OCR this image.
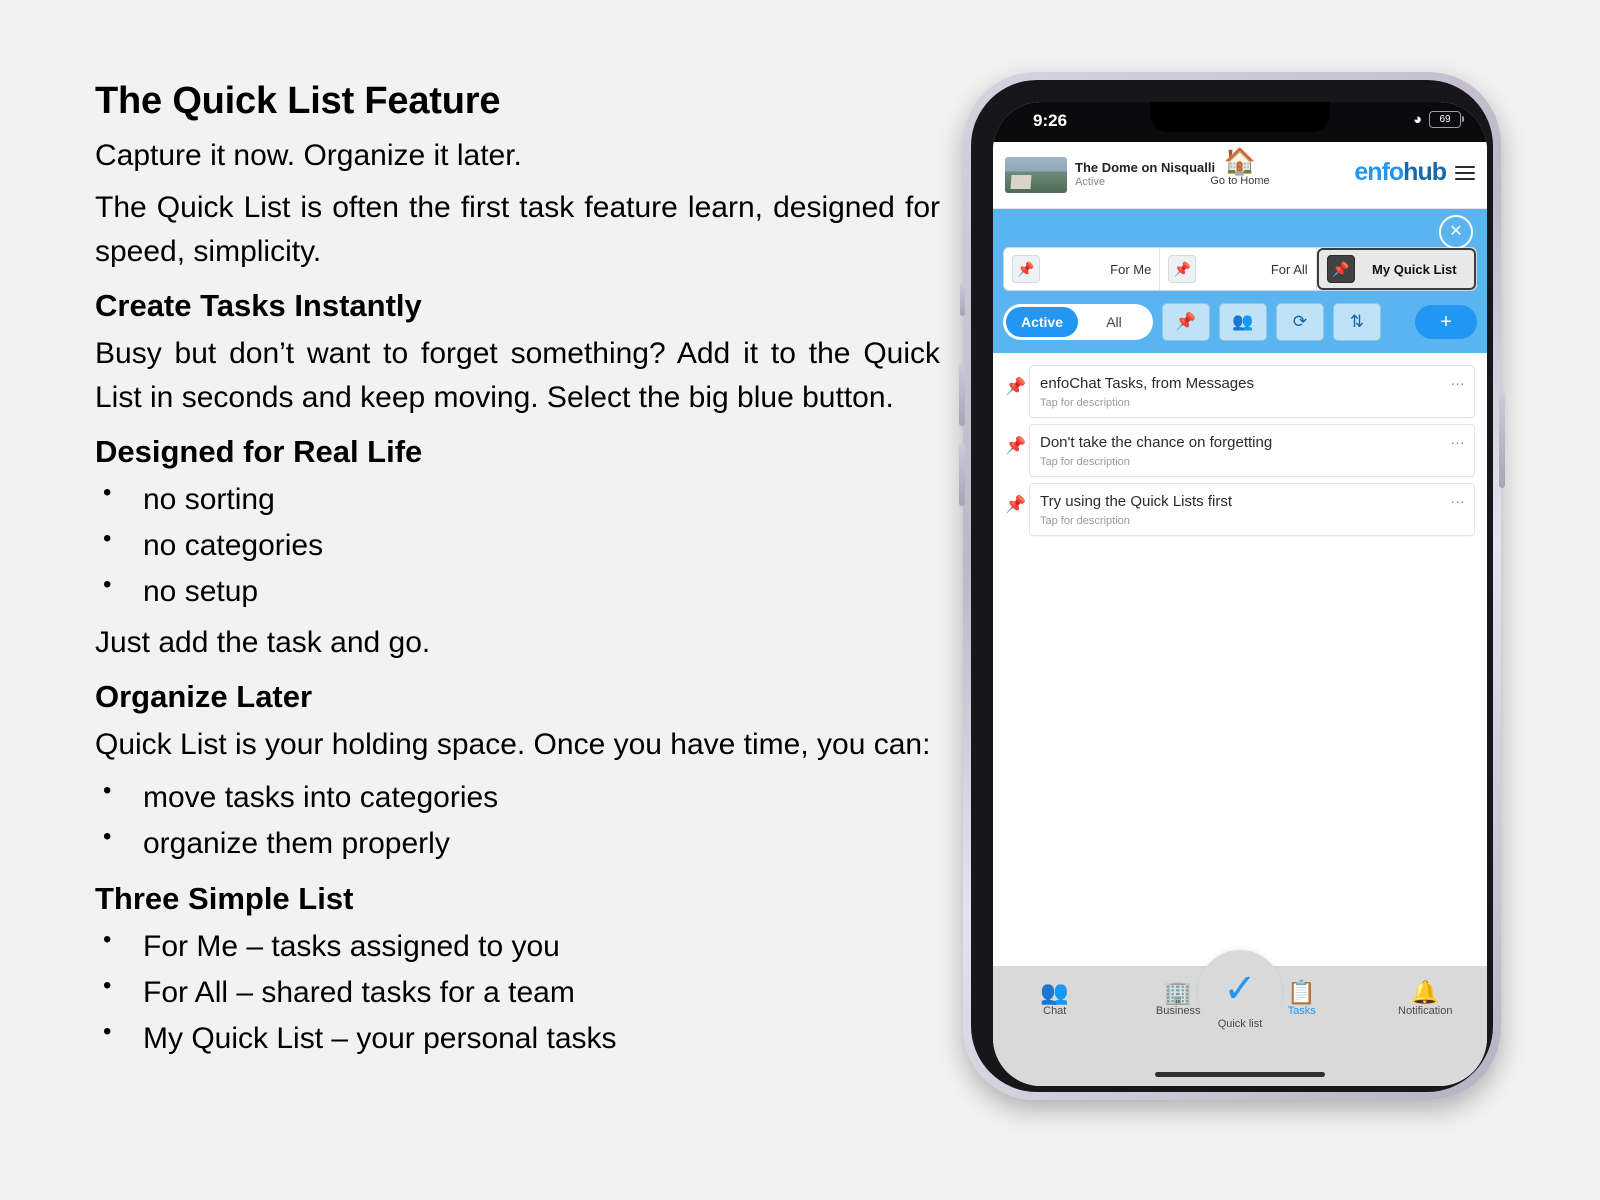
The Quick List Feature

Capture it now. Organize it later.

The Quick List is often the first task feature learn, designed for speed, simplicity.

Create Tasks Instantly

Busy but don’t want to forget something? Add it to the Quick List in seconds and keep moving. Select the big blue button.

Designed for Real Life
• no sorting
• no categories
• no setup

Just add the task and go.

Organize Later

Quick List is your holding space. Once you have time, you can:

• move tasks into categories
• organize them properly
Three Simple List
• For Me – tasks assigned to you
• For All – shared tasks for a team
• My Quick List – your personal tasks
9:26	◕ 69
The Dome on Nisqualli
Active
🏠
Go to Home	enfohub
✕
📌	For Me	📌	For All	📌	My Quick List
Active	All	📌 👥 ⟳	⇅	+
📌 enfoChat Tasks, from Messages
Tap for description
…
📌 Don't take the chance on forgetting
Tap for description
…
📌 Try using the Quick Lists first
Tap for description
…
👥
Chat
🏢
Business
📋
Tasks
🔔
Notification
✓
Quick list
